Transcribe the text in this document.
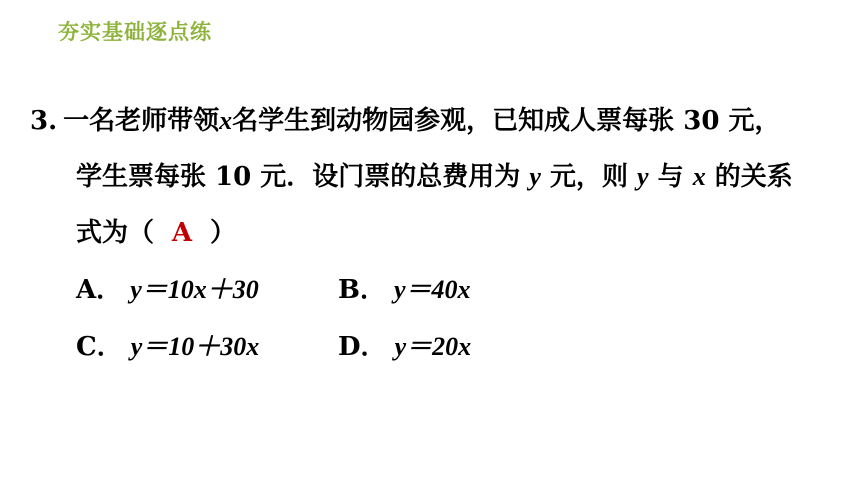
夯实基础逐点练
3. 一名老师带领x名学生到动物园参观，已知成人票每张 30 元，
学生票每张 10 元．设门票的总费用为 y 元，则 y 与 x 的关系
式为（ A ）
A． y＝10x＋30	B． y＝40x
C． y＝10＋30x	D． y＝20x
